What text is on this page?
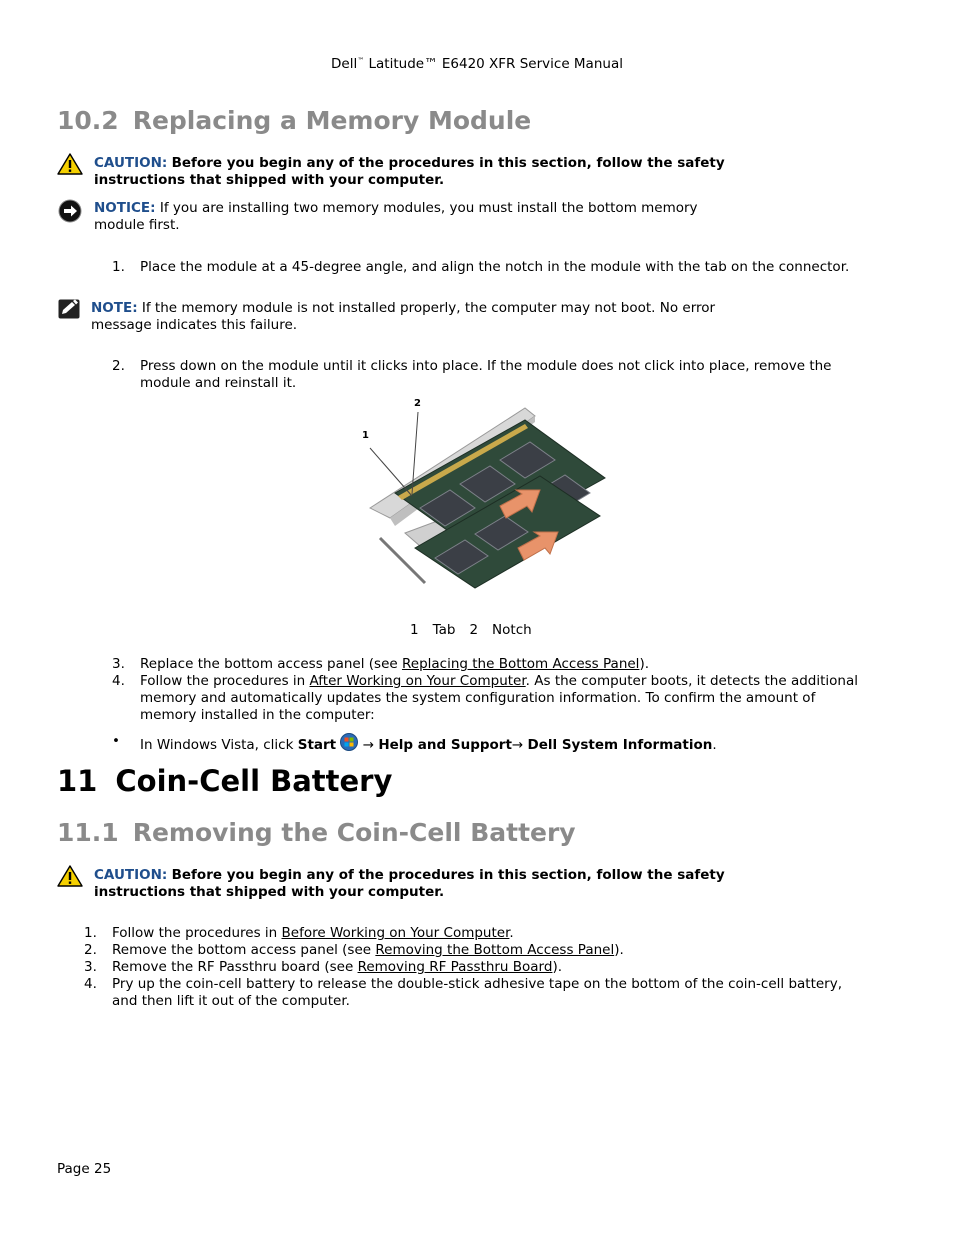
Dell™ Latitude™ E6420 XFR Service Manual
10.2 Replacing a Memory Module
CAUTION: Before you begin any of the procedures in this section, follow the safety
instructions that shipped with your computer.
NOTICE: If you are installing two memory modules, you must install the bottom memory
module first.
1. Place the module at a 45-degree angle, and align the notch in the module with the tab on the connector.
NOTE: If the memory module is not installed properly, the computer may not boot. No error
message indicates this failure.
2. Press down on the module until it clicks into place. If the module does not click into place, remove the
module and reinstall it.
1
2
1 Tab 2 Notch
3. Replace the bottom access panel (see Replacing the Bottom Access Panel).
4. Follow the procedures in After Working on Your Computer. As the computer boots, it detects the additional
memory and automatically updates the system configuration information. To confirm the amount of
memory installed in the computer:
• In Windows Vista, click Start  → Help and Support→ Dell System Information.
11 Coin-Cell Battery
11.1 Removing the Coin-Cell Battery
CAUTION: Before you begin any of the procedures in this section, follow the safety
instructions that shipped with your computer.
1. Follow the procedures in Before Working on Your Computer.
2. Remove the bottom access panel (see Removing the Bottom Access Panel).
3. Remove the RF Passthru board (see Removing RF Passthru Board).
4. Pry up the coin-cell battery to release the double-stick adhesive tape on the bottom of the coin-cell battery,
and then lift it out of the computer.
Page 25
